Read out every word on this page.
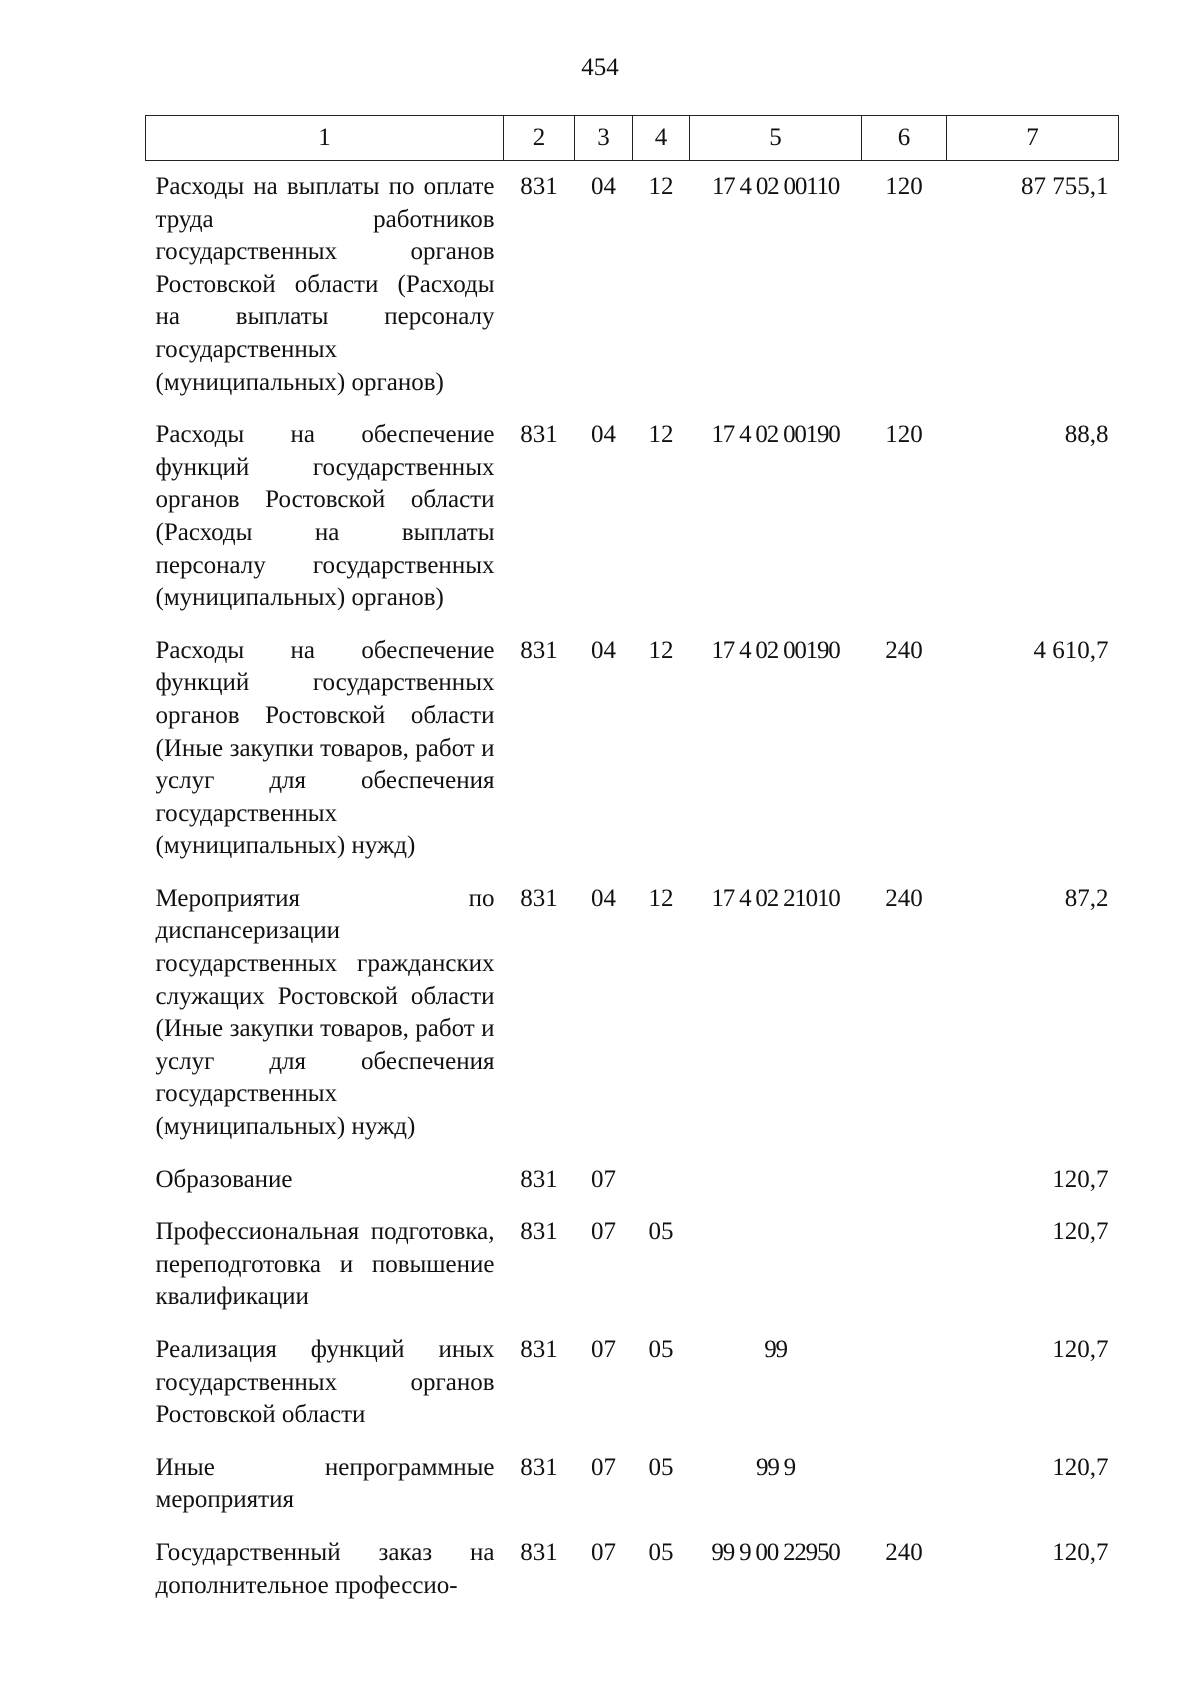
454
1	2	3	4	5	6	7
Расходы на выплаты по оплате труда работников государственных органов Ростовской области (Расходы на выплаты персоналу государственных (муниципальных) органов)	831	04	12	17 4 02 00110	120	87 755,1
Расходы на обеспечение функций государственных органов Ростовской области (Расходы на выплаты персоналу государственных (муниципальных) органов)	831	04	12	17 4 02 00190	120	88,8
Расходы на обеспечение функций государственных органов Ростовской области (Иные закупки товаров, работ и услуг для обеспечения государственных (муниципальных) нужд)	831	04	12	17 4 02 00190	240	4 610,7
Мероприятия по диспансеризации государственных гражданских служащих Ростовской области (Иные закупки товаров, работ и услуг для обеспечения государственных (муниципальных) нужд)	831	04	12	17 4 02 21010	240	87,2
Образование	831	07				120,7
Профессиональная подготовка, переподготовка и повышение квалификации	831	07	05			120,7
Реализация функций иных государственных органов Ростовской области	831	07	05	99		120,7
Иные непрограммные мероприятия	831	07	05	99 9		120,7
Государственный заказ на дополнительное профессио-	831	07	05	99 9 00 22950	240	120,7
